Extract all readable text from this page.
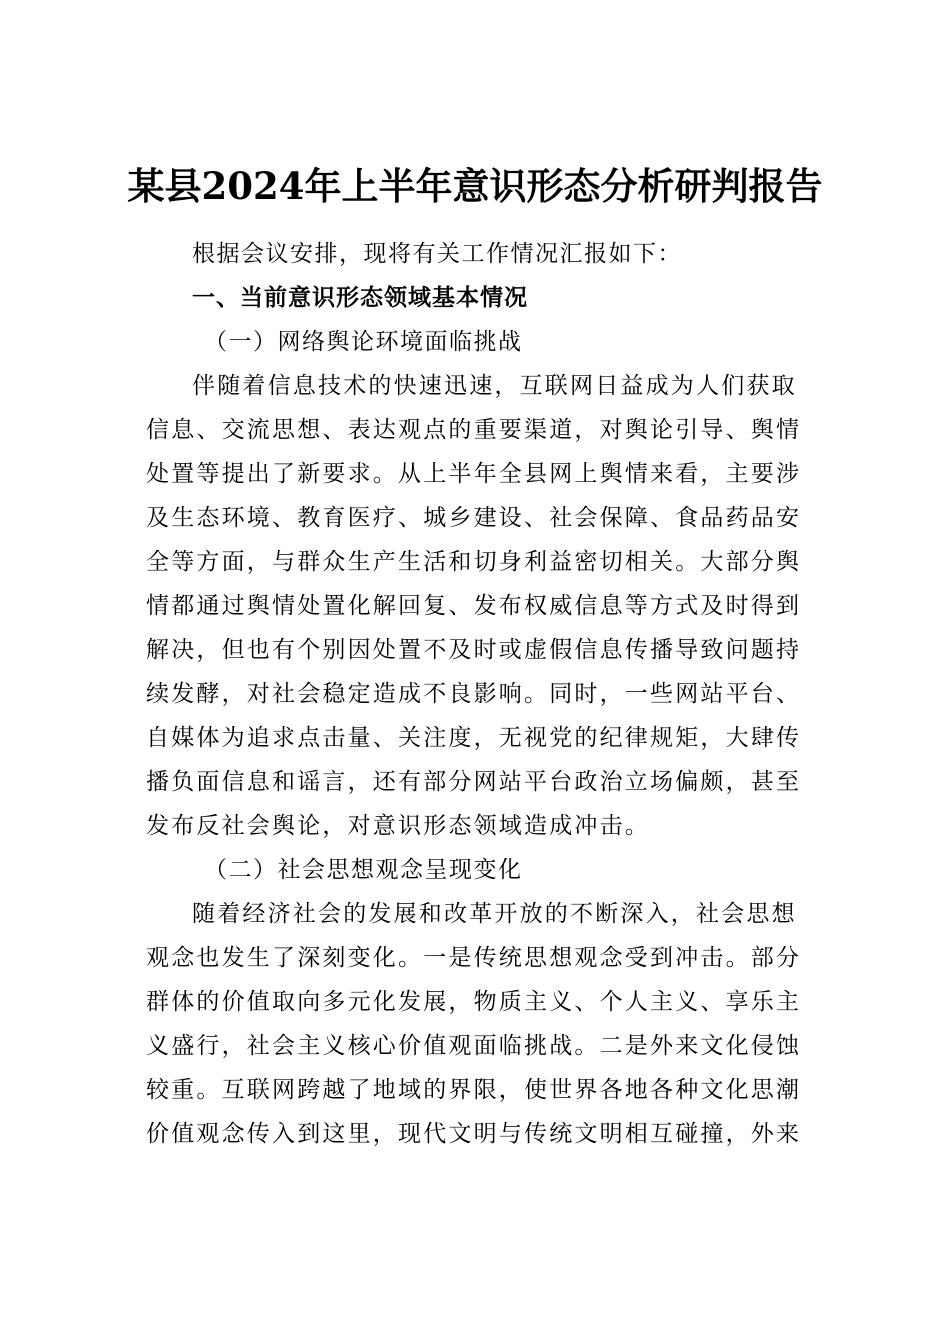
某县2024年上半年意识形态分析研判报告

根据会议安排，现将有关工作情况汇报如下：

一、当前意识形态领域基本情况
（一）网络舆论环境面临挑战
伴随着信息技术的快速迅速，互联网日益成为人们获取
信息、交流思想、表达观点的重要渠道，对舆论引导、舆情
处置等提出了新要求。从上半年全县网上舆情来看，主要涉
及生态环境、教育医疗、城乡建设、社会保障、食品药品安
全等方面，与群众生产生活和切身利益密切相关。大部分舆
情都通过舆情处置化解回复、发布权威信息等方式及时得到
解决，但也有个别因处置不及时或虚假信息传播导致问题持
续发酵，对社会稳定造成不良影响。同时，一些网站平台、
自媒体为追求点击量、关注度，无视党的纪律规矩，大肆传
播负面信息和谣言，还有部分网站平台政治立场偏颇，甚至
发布反社会舆论，对意识形态领域造成冲击。
（二）社会思想观念呈现变化
随着经济社会的发展和改革开放的不断深入，社会思想
观念也发生了深刻变化。一是传统思想观念受到冲击。部分
群体的价值取向多元化发展，物质主义、个人主义、享乐主
义盛行，社会主义核心价值观面临挑战。二是外来文化侵蚀
较重。互联网跨越了地域的界限，使世界各地各种文化思潮
价值观念传入到这里，现代文明与传统文明相互碰撞，外来
